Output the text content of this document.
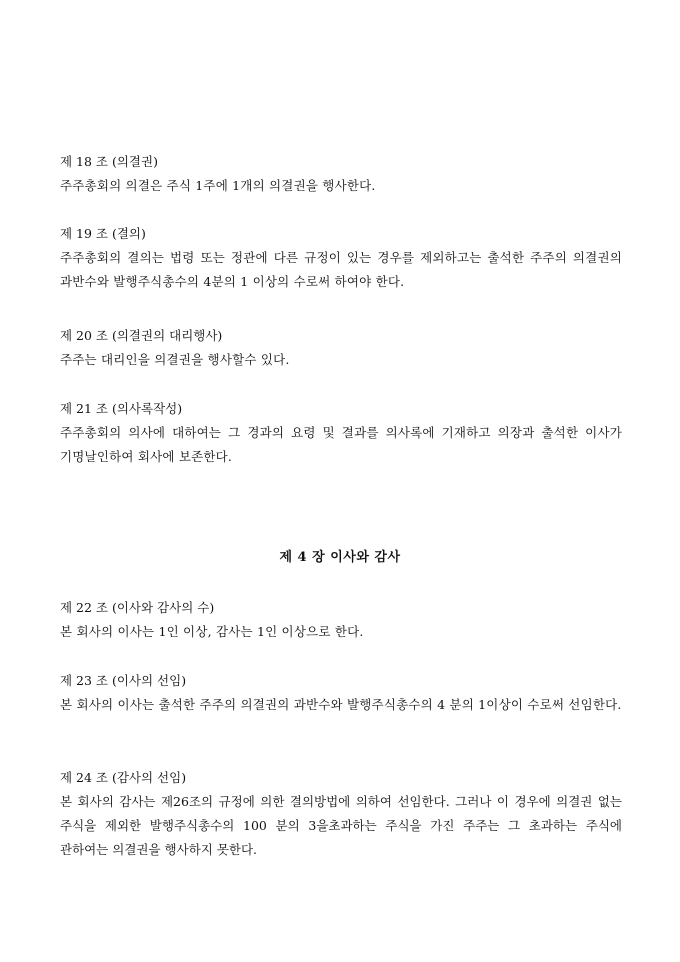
제 18 조 (의결권)
주주총회의 의결은 주식 1주에 1개의 의결권을 행사한다.
제 19 조 (결의)
주주총회의 결의는 법령 또는 정관에 다른 규정이 있는 경우를 제외하고는 출석한 주주의 의결권의 과반수와 발행주식총수의 4분의 1 이상의 수로써 하여야 한다.
제 20 조 (의결권의 대리행사)
주주는 대리인을 의결권을 행사할수 있다.
제 21 조 (의사록작성)
주주총회의 의사에 대하여는 그 경과의 요령 및 결과를 의사록에 기재하고 의장과 출석한 이사가 기명날인하여 회사에 보존한다.
제 4 장 이사와 감사
제 22 조 (이사와 감사의 수)
본 회사의 이사는 1인 이상, 감사는 1인 이상으로 한다.
제 23 조 (이사의 선임)
본 회사의 이사는 출석한 주주의 의결권의 과반수와 발행주식총수의 4 분의 1이상이 수로써 선임한다.
제 24 조 (감사의 선임)
본 회사의 감사는 제26조의 규정에 의한 결의방법에 의하여 선임한다. 그러나 이 경우에 의결권 없는 주식을 제외한 발행주식총수의 100 분의 3을초과하는 주식을 가진 주주는 그 초과하는 주식에 관하여는 의결권을 행사하지 못한다.
